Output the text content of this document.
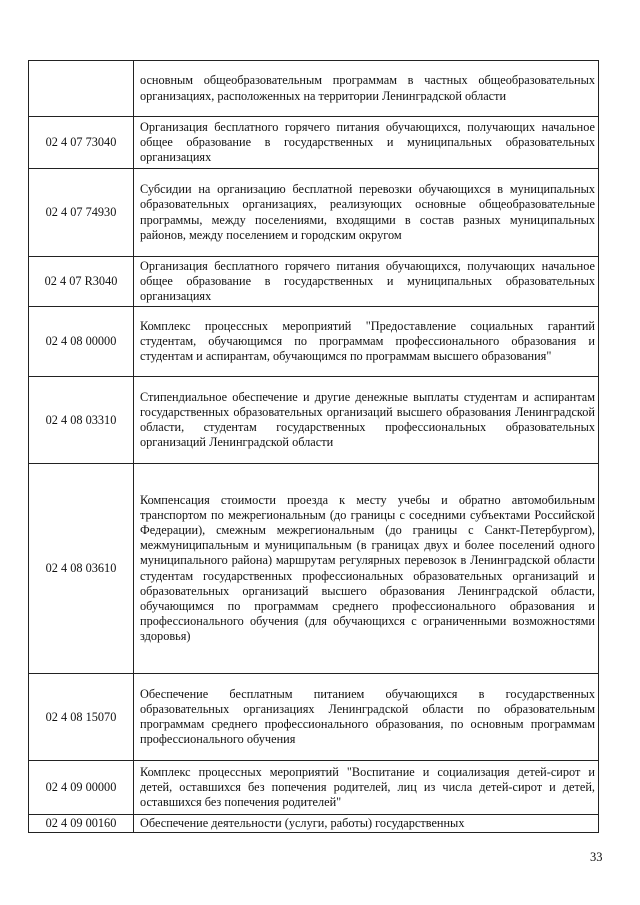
	основным общеобразовательным программам в частных общеобразовательных организациях, расположенных на территории Ленинградской области

02 4 07 73040	Организация бесплатного горячего питания обучающихся, получающих начальное общее образование в государственных и муниципальных образовательных организациях

02 4 07 74930	Субсидии на организацию бесплатной перевозки обучающихся в муниципальных образовательных организациях, реализующих основные общеобразовательные программы, между поселениями, входящими в состав разных муниципальных районов, между поселением и городским округом

02 4 07 R3040	Организация бесплатного горячего питания обучающихся, получающих начальное общее образование в государственных и муниципальных образовательных организациях

02 4 08 00000	Комплекс процессных мероприятий "Предоставление социальных гарантий студентам, обучающимся по программам профессионального образования и студентам и аспирантам, обучающимся по программам высшего образования"

02 4 08 03310	Стипендиальное обеспечение и другие денежные выплаты студентам и аспирантам государственных образовательных организаций высшего образования Ленинградской области, студентам государственных профессиональных образовательных организаций Ленинградской области

02 4 08 03610	Компенсация стоимости проезда к месту учебы и обратно автомобильным транспортом по межрегиональным (до границы с соседними субъектами Российской Федерации), смежным межрегиональным (до границы с Санкт-Петербургом), межмуниципальным и муниципальным (в границах двух и более поселений одного муниципального района) маршрутам регулярных перевозок в Ленинградской области студентам государственных профессиональных образовательных организаций и образовательных организаций высшего образования Ленинградской области, обучающимся по программам среднего профессионального образования и профессионального обучения (для обучающихся с ограниченными возможностями здоровья)

02 4 08 15070	Обеспечение бесплатным питанием обучающихся в государственных образовательных организациях Ленинградской области по образовательным программам среднего профессионального образования, по основным программам профессионального обучения

02 4 09 00000	Комплекс процессных мероприятий "Воспитание и социализация детей-сирот и детей, оставшихся без попечения родителей, лиц из числа детей-сирот и детей, оставшихся без попечения родителей"

02 4 09 00160	Обеспечение деятельности (услуги, работы) государственных
33
